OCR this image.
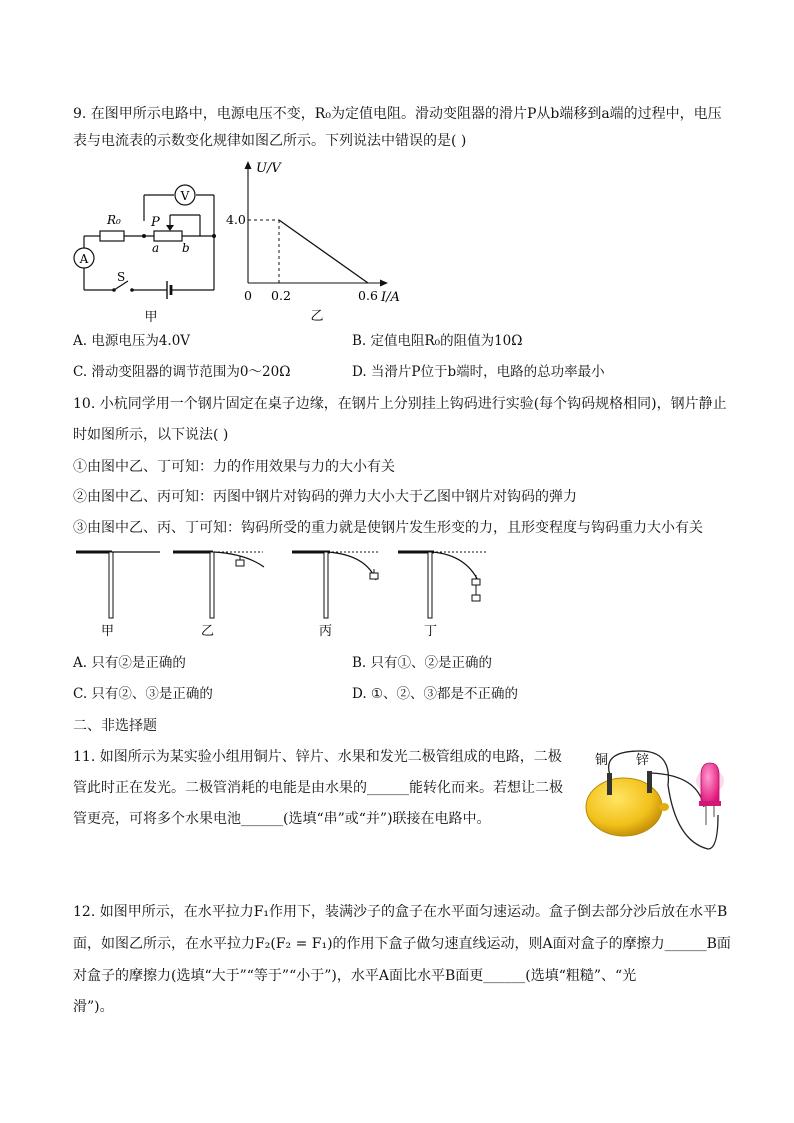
9. 在图甲所示电路中，电源电压不变，R₀为定值电阻。滑动变阻器的滑片P从b端移到a端的过程中，电压
表与电流表的示数变化规律如图乙所示。下列说法中错误的是( )
V
A
R₀ P
a b
S
甲
U/V
I/A
4.0
0 0.2	0.6
乙
A. 电源电压为4.0V	B. 定值电阻R₀的阻值为10Ω
C. 滑动变阻器的调节范围为0～20Ω	D. 当滑片P位于b端时，电路的总功率最小
10. 小杭同学用一个钢片固定在桌子边缘，在钢片上分别挂上钩码进行实验(每个钩码规格相同)，钢片静止
时如图所示，以下说法( )
①由图中乙、丁可知：力的作用效果与力的大小有关
②由图中乙、丙可知：丙图中钢片对钩码的弹力大小大于乙图中钢片对钩码的弹力
③由图中乙、丙、丁可知：钩码所受的重力就是使钢片发生形变的力，且形变程度与钩码重力大小有关
甲	乙	丙	丁
A. 只有②是正确的	B. 只有①、②是正确的
C. 只有②、③是正确的	D. ①、②、③都是不正确的
二、非选择题
11. 如图所示为某实验小组用铜片、锌片、水果和发光二极管组成的电路，二极
管此时正在发光。二极管消耗的电能是由水果的______能转化而来。若想让二极
管更亮，可将多个水果电池______(选填“串”或“并”)联接在电路中。
铜 锌
12. 如图甲所示，在水平拉力F₁作用下，装满沙子的盒子在水平面匀速运动。盒子倒去部分沙后放在水平B
面，如图乙所示，在水平拉力F₂(F₂ = F₁)的作用下盒子做匀速直线运动，则A面对盒子的摩擦力______B面
对盒子的摩擦力(选填“大于”“等于”“小于”)，水平A面比水平B面更______(选填“粗糙”、“光
滑”)。
